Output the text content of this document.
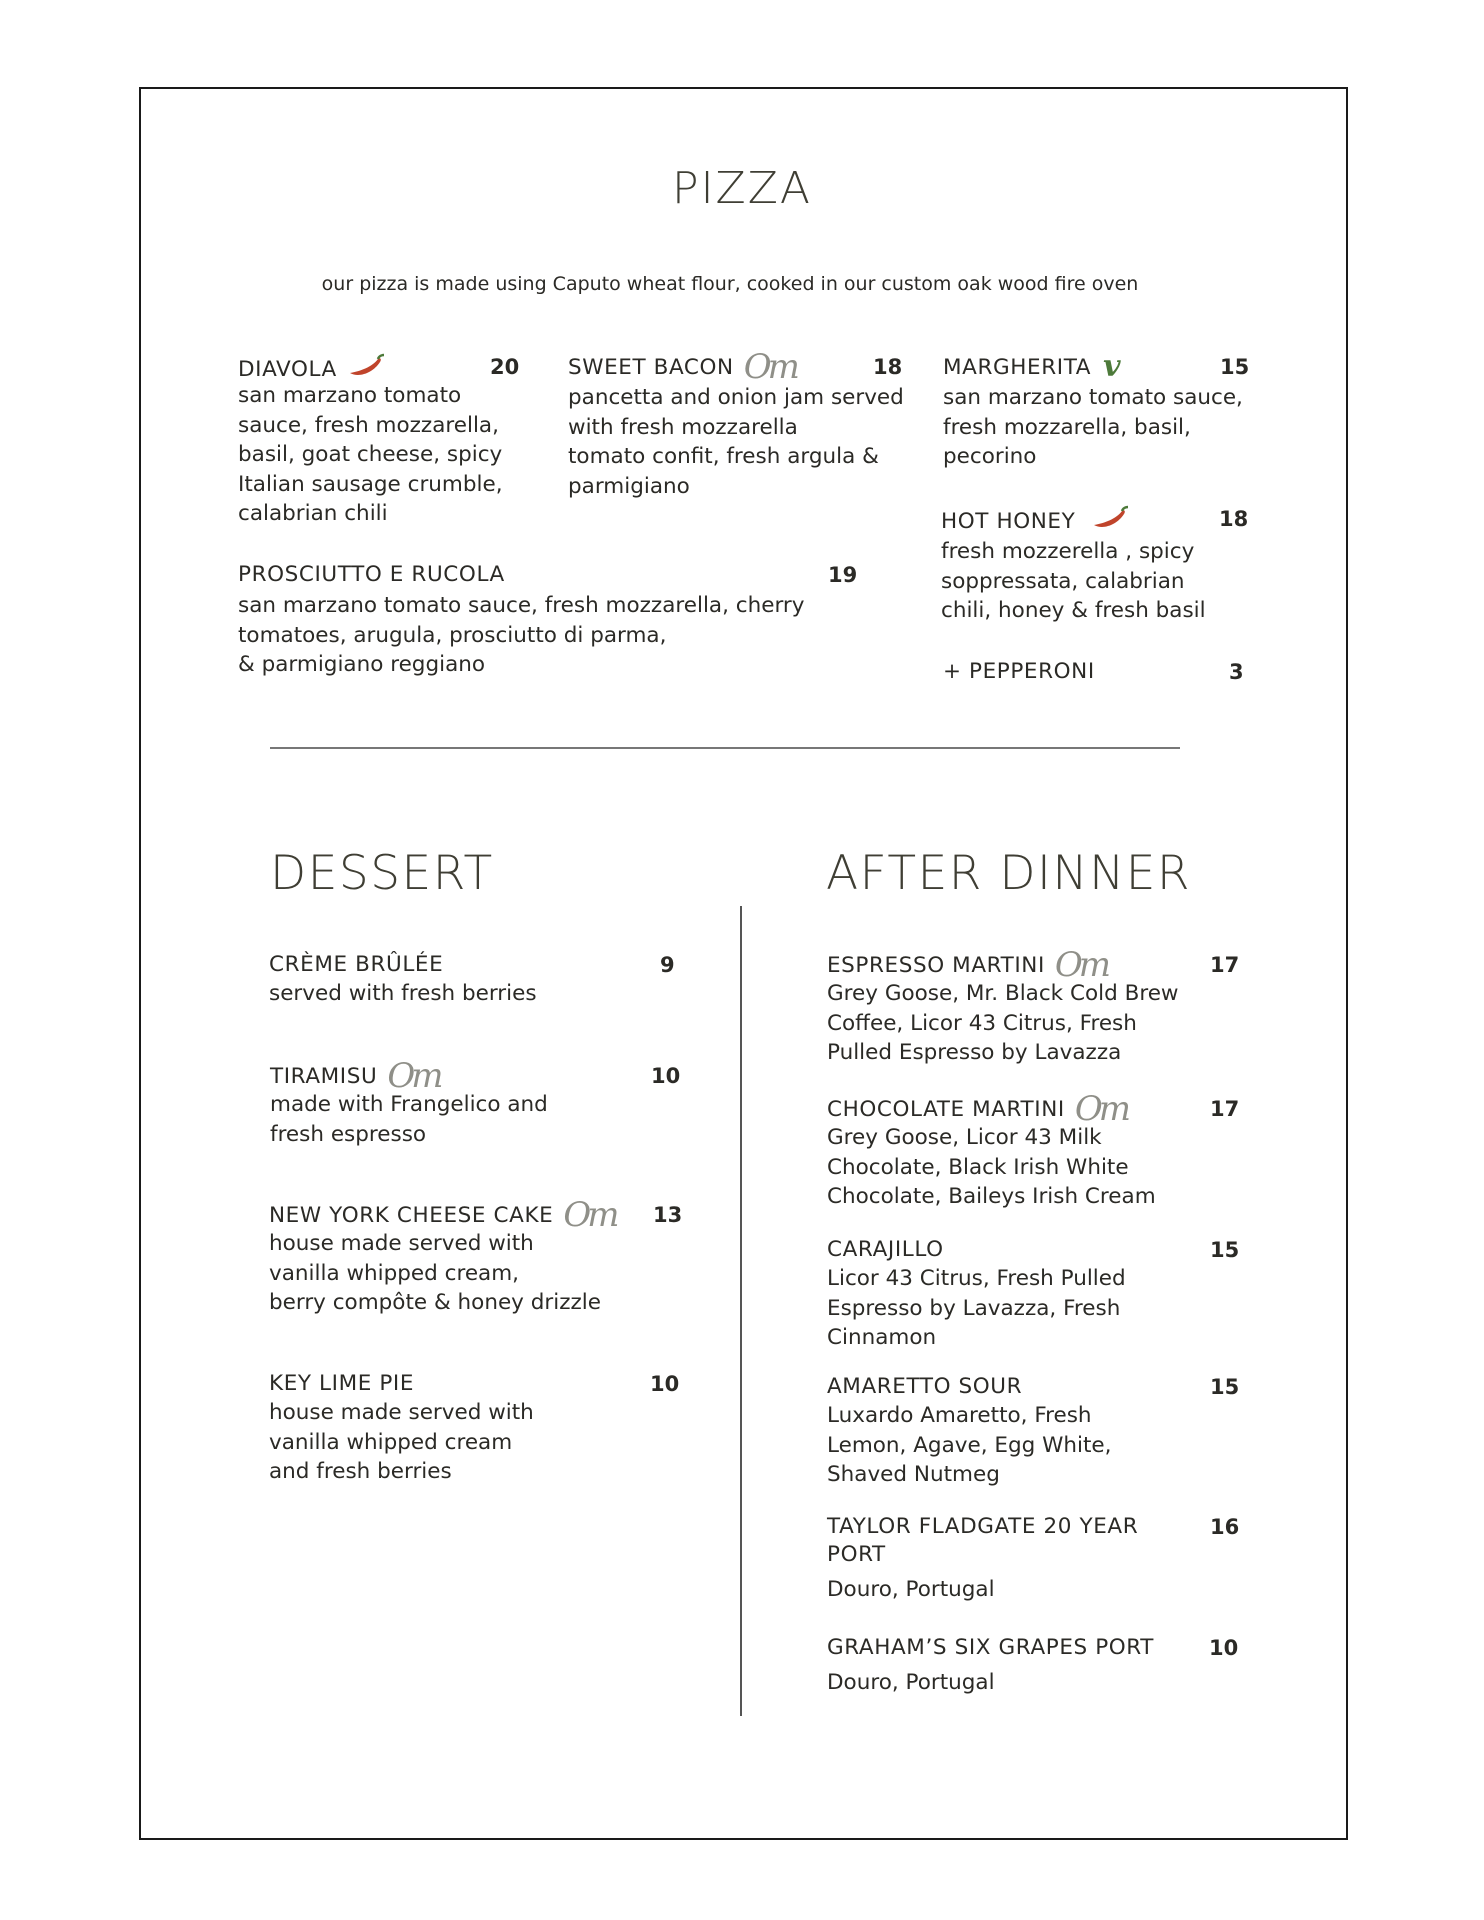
PIZZA
our pizza is made using Caputo wheat flour, cooked in our custom oak wood fire oven
DIAVOLA	20
san marzano tomato
sauce, fresh mozzarella,
basil, goat cheese, spicy
Italian sausage crumble,
calabrian chili
SWEET BACON Om	18
pancetta and onion jam served
with fresh mozzarella
tomato confit, fresh argula &
parmigiano
MARGHERITA v	15
san marzano tomato sauce,
fresh mozzarella, basil,
pecorino
HOT HONEY	18
fresh mozzerella , spicy
soppressata, calabrian
chili, honey & fresh basil
PROSCIUTTO E RUCOLA	19
san marzano tomato sauce, fresh mozzarella, cherry
tomatoes, arugula, prosciutto di parma,
& parmigiano reggiano	+ PEPPERONI	3
DESSERT	AFTER DINNER
CRÈME BRÛLÉE	9
served with fresh berries
TIRAMISU Om	10
made with Frangelico and
fresh espresso
NEW YORK CHEESE CAKE Om	13
house made served with
vanilla whipped cream,
berry compôte & honey drizzle
KEY LIME PIE	10
house made served with
vanilla whipped cream
and fresh berries
ESPRESSO MARTINI Om	17
Grey Goose, Mr. Black Cold Brew
Coffee, Licor 43 Citrus, Fresh
Pulled Espresso by Lavazza
CHOCOLATE MARTINI Om	17
Grey Goose, Licor 43 Milk
Chocolate, Black Irish White
Chocolate, Baileys Irish Cream
CARAJILLO	15
Licor 43 Citrus, Fresh Pulled
Espresso by Lavazza, Fresh
Cinnamon
AMARETTO SOUR	15
Luxardo Amaretto, Fresh
Lemon, Agave, Egg White,
Shaved Nutmeg
TAYLOR FLADGATE 20 YEAR
PORT
16
Douro, Portugal
GRAHAM’S SIX GRAPES PORT	10
Douro, Portugal
